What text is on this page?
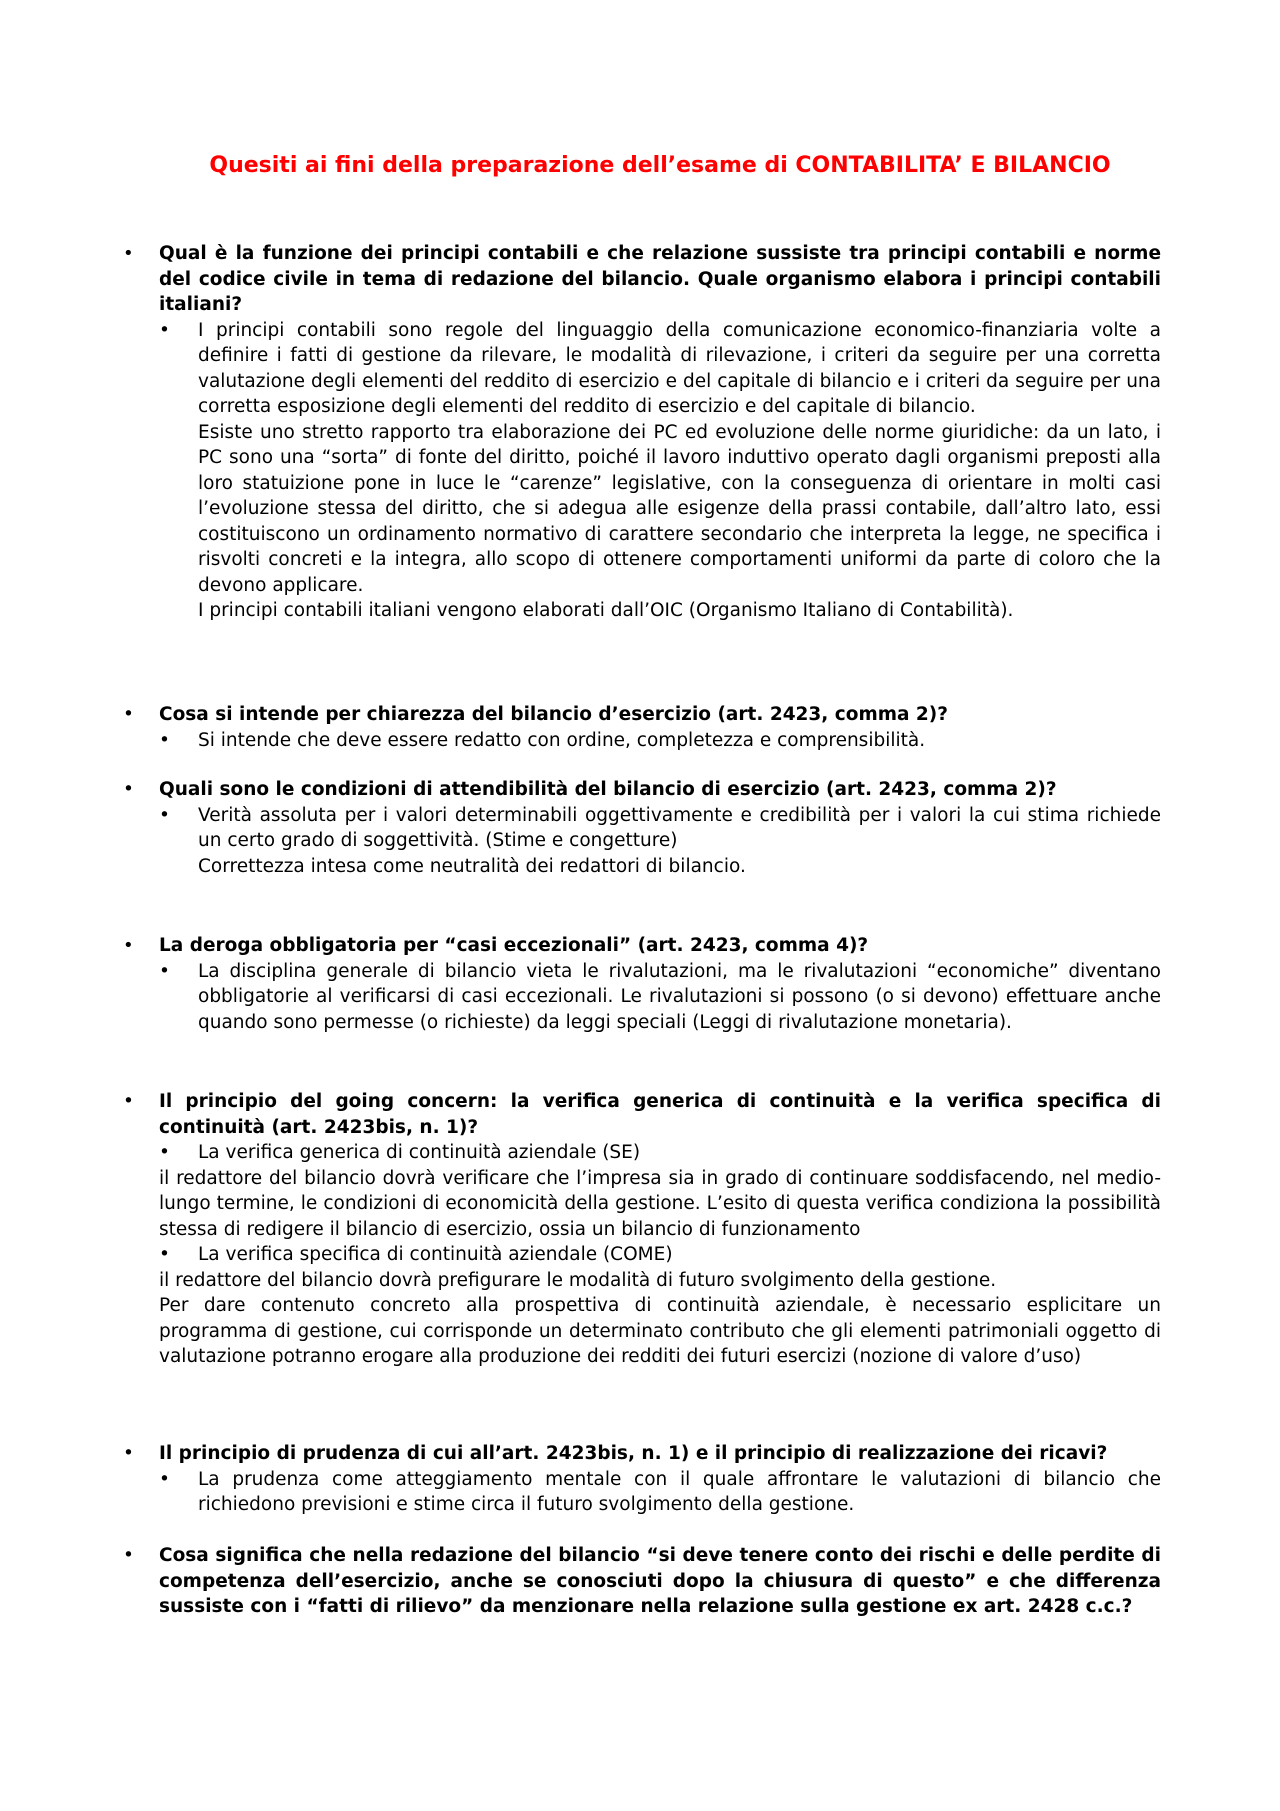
Quesiti ai fini della preparazione dell’esame di CONTABILITA’ E BILANCIO
• Qual è la funzione dei principi contabili e che relazione sussiste tra principi contabili e norme del codice civile in tema di redazione del bilancio. Quale organismo elabora i principi contabili italiani?

• I principi contabili sono regole del linguaggio della comunicazione economico-finanziaria volte a definire i fatti di gestione da rilevare, le modalità di rilevazione, i criteri da seguire per una corretta valutazione degli elementi del reddito di esercizio e del capitale di bilancio e i criteri da seguire per una corretta esposizione degli elementi del reddito di esercizio e del capitale di bilancio.

Esiste uno stretto rapporto tra elaborazione dei PC ed evoluzione delle norme giuridiche: da un lato, i PC sono una “sorta” di fonte del diritto, poiché il lavoro induttivo operato dagli organismi preposti alla loro statuizione pone in luce le “carenze” legislative, con la conseguenza di orientare in molti casi l’evoluzione stessa del diritto, che si adegua alle esigenze della prassi contabile, dall’altro lato, essi costituiscono un ordinamento normativo di carattere secondario che interpreta la legge, ne specifica i risvolti concreti e la integra, allo scopo di ottenere comportamenti uniformi da parte di coloro che la devono applicare.

I principi contabili italiani vengono elaborati dall’OIC (Organismo Italiano di Contabilità).

• Cosa si intende per chiarezza del bilancio d’esercizio (art. 2423, comma 2)?

• Si intende che deve essere redatto con ordine, completezza e comprensibilità.

• Quali sono le condizioni di attendibilità del bilancio di esercizio (art. 2423, comma 2)?

• Verità assoluta per i valori determinabili oggettivamente e credibilità per i valori la cui stima richiede un certo grado di soggettività. (Stime e congetture)

Correttezza intesa come neutralità dei redattori di bilancio.

• La deroga obbligatoria per “casi eccezionali” (art. 2423, comma 4)?

• La disciplina generale di bilancio vieta le rivalutazioni, ma le rivalutazioni “economiche” diventano obbligatorie al verificarsi di casi eccezionali. Le rivalutazioni si possono (o si devono) effettuare anche quando sono permesse (o richieste) da leggi speciali (Leggi di rivalutazione monetaria).

• Il principio del going concern: la verifica generica di continuità e la verifica specifica di continuità (art. 2423bis, n. 1)?

• La verifica generica di continuità aziendale (SE)

il redattore del bilancio dovrà verificare che l’impresa sia in grado di continuare soddisfacendo, nel medio-lungo termine, le condizioni di economicità della gestione. L’esito di questa verifica condiziona la possibilità stessa di redigere il bilancio di esercizio, ossia un bilancio di funzionamento

• La verifica specifica di continuità aziendale (COME)

il redattore del bilancio dovrà prefigurare le modalità di futuro svolgimento della gestione.

Per dare contenuto concreto alla prospettiva di continuità aziendale, è necessario esplicitare un programma di gestione, cui corrisponde un determinato contributo che gli elementi patrimoniali oggetto di valutazione potranno erogare alla produzione dei redditi dei futuri esercizi (nozione di valore d’uso)

• Il principio di prudenza di cui all’art. 2423bis, n. 1) e il principio di realizzazione dei ricavi?

• La prudenza come atteggiamento mentale con il quale affrontare le valutazioni di bilancio che richiedono previsioni e stime circa il futuro svolgimento della gestione.

• Cosa significa che nella redazione del bilancio “si deve tenere conto dei rischi e delle perdite di competenza dell’esercizio, anche se conosciuti dopo la chiusura di questo” e che differenza sussiste con i “fatti di rilievo” da menzionare nella relazione sulla gestione ex art. 2428 c.c.?
